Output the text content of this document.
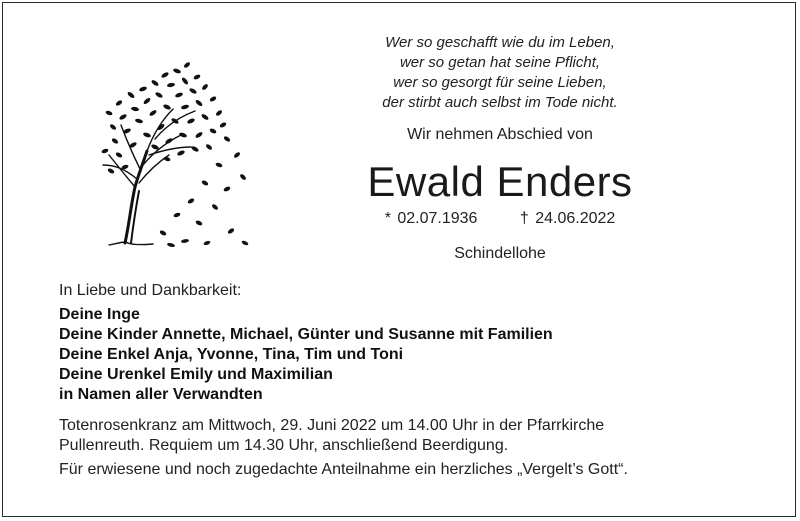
Wer so geschafft wie du im Leben,
wer so getan hat seine Pflicht,
wer so gesorgt für seine Lieben,
der stirbt auch selbst im Tode nicht.
Wir nehmen Abschied von
Ewald Enders
* 02.07.1936	† 24.06.2022
Schindellohe
In Liebe und Dankbarkeit:
Deine Inge
Deine Kinder Annette, Michael, Günter und Susanne mit Familien
Deine Enkel Anja, Yvonne, Tina, Tim und Toni
Deine Urenkel Emily und Maximilian
in Namen aller Verwandten
Totenrosenkranz am Mittwoch, 29. Juni 2022 um 14.00 Uhr in der Pfarrkirche
Pullenreuth. Requiem um 14.30 Uhr, anschließend Beerdigung.
Für erwiesene und noch zugedachte Anteilnahme ein herzliches „Vergelt’s Gott“.
